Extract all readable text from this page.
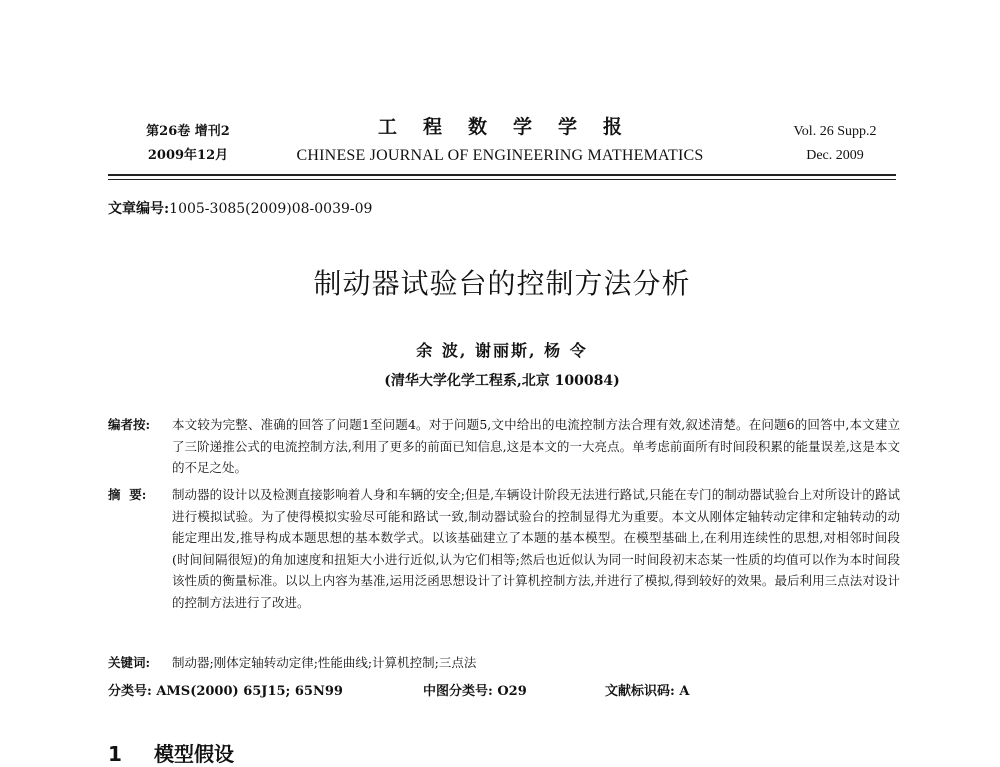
第26卷 增刊2
2009年12月
工程数学学报
CHINESE JOURNAL OF ENGINEERING MATHEMATICS
Vol. 26 Supp.2
Dec. 2009
文章编号:1005-3085(2009)08-0039-09
制动器试验台的控制方法分析
余 波, 谢丽斯, 杨 令
(清华大学化学工程系,北京 100084)
编者按: 本文较为完整、准确的回答了问题1至问题4。对于问题5,文中给出的电流控制方法合理有效,叙述清楚。在问题6的回答中,本文建立了三阶递推公式的电流控制方法,利用了更多的前面已知信息,这是本文的一大亮点。单考虑前面所有时间段积累的能量误差,这是本文的不足之处。
摘  要: 制动器的设计以及检测直接影响着人身和车辆的安全;但是,车辆设计阶段无法进行路试,只能在专门的制动器试验台上对所设计的路试进行模拟试验。为了使得模拟实验尽可能和路试一致,制动器试验台的控制显得尤为重要。本文从刚体定轴转动定律和定轴转动的动能定理出发,推导构成本题思想的基本数学式。以该基础建立了本题的基本模型。在模型基础上,在利用连续性的思想,对相邻时间段(时间间隔很短)的角加速度和扭矩大小进行近似,认为它们相等;然后也近似认为同一时间段初末态某一性质的均值可以作为本时间段该性质的衡量标准。以以上内容为基准,运用泛函思想设计了计算机控制方法,并进行了模拟,得到较好的效果。最后利用三点法对设计的控制方法进行了改进。
关键词: 制动器;刚体定轴转动定律;性能曲线;计算机控制;三点法
分类号: AMS(2000) 65J15; 65N99	中图分类号: O29	文献标识码: A
1 模型假设
